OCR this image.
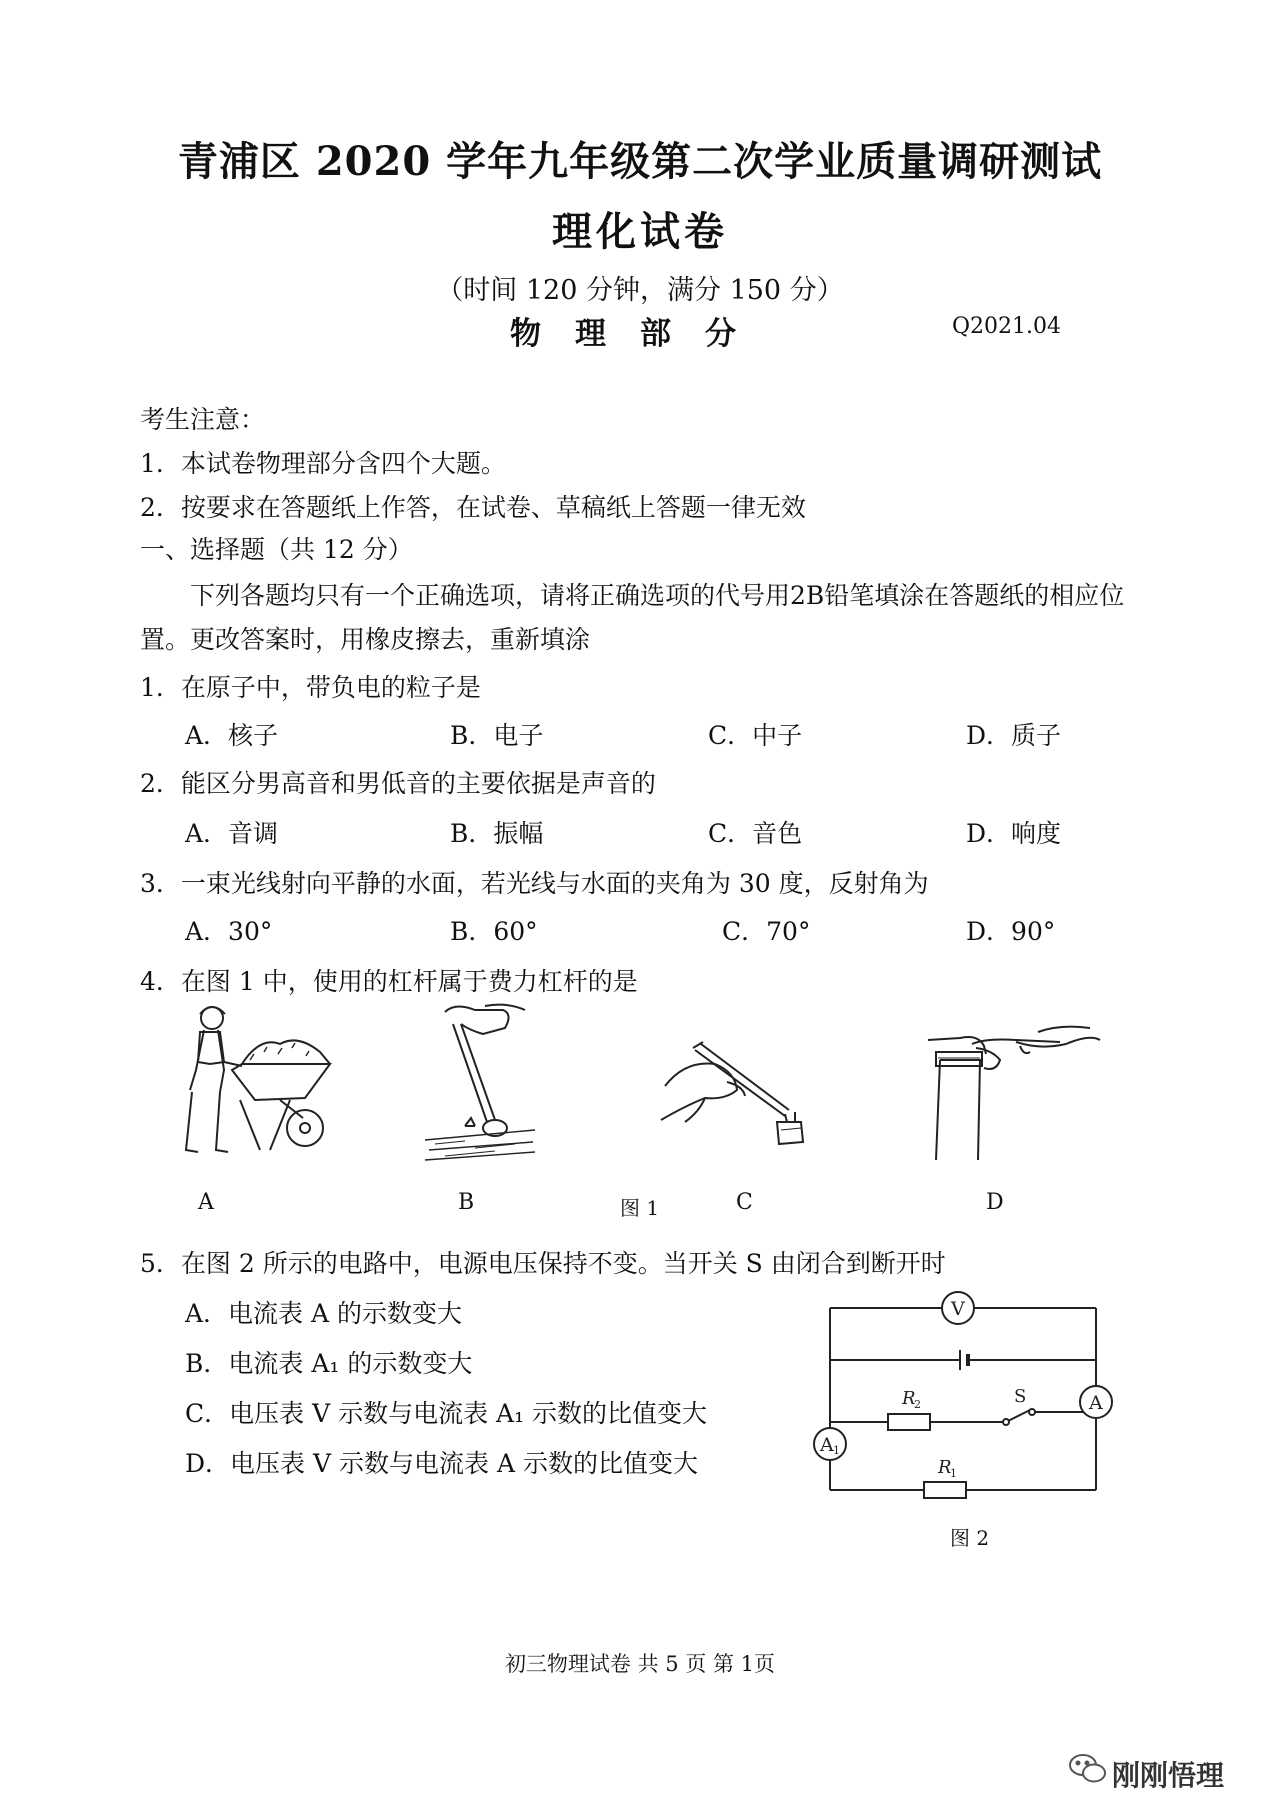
青浦区 2020 学年九年级第二次学业质量调研测试
理化试卷
（时间 120 分钟，满分 150 分）
物理部分	Q2021.04
考生注意：
1．本试卷物理部分含四个大题。
2．按要求在答题纸上作答，在试卷、草稿纸上答题一律无效
一、选择题（共 12 分）
下列各题均只有一个正确选项，请将正确选项的代号用2B铅笔填涂在答题纸的相应位
置。更改答案时，用橡皮擦去，重新填涂
1．在原子中，带负电的粒子是
A．核子	B．电子	C．中子	D．质子
2．能区分男高音和男低音的主要依据是声音的
A．音调	B．振幅	C．音色	D．响度
3．一束光线射向平静的水面，若光线与水面的夹角为 30 度，反射角为
A．30°	B．60°	C．70°	D．90°
4．在图 1 中，使用的杠杆属于费力杠杆的是
A	B	图 1	C	D
5．在图 2 所示的电路中，电源电压保持不变。当开关 S 由闭合到断开时
A．电流表 A 的示数变大
B．电流表 A₁ 的示数变大
C．电压表 V 示数与电流表 A₁ 示数的比值变大
D．电压表 V 示数与电流表 A 示数的比值变大
V
A
A 1
R
2
R
1
S
图 2
初三物理试卷 共 5 页 第 1页
刚刚悟理
